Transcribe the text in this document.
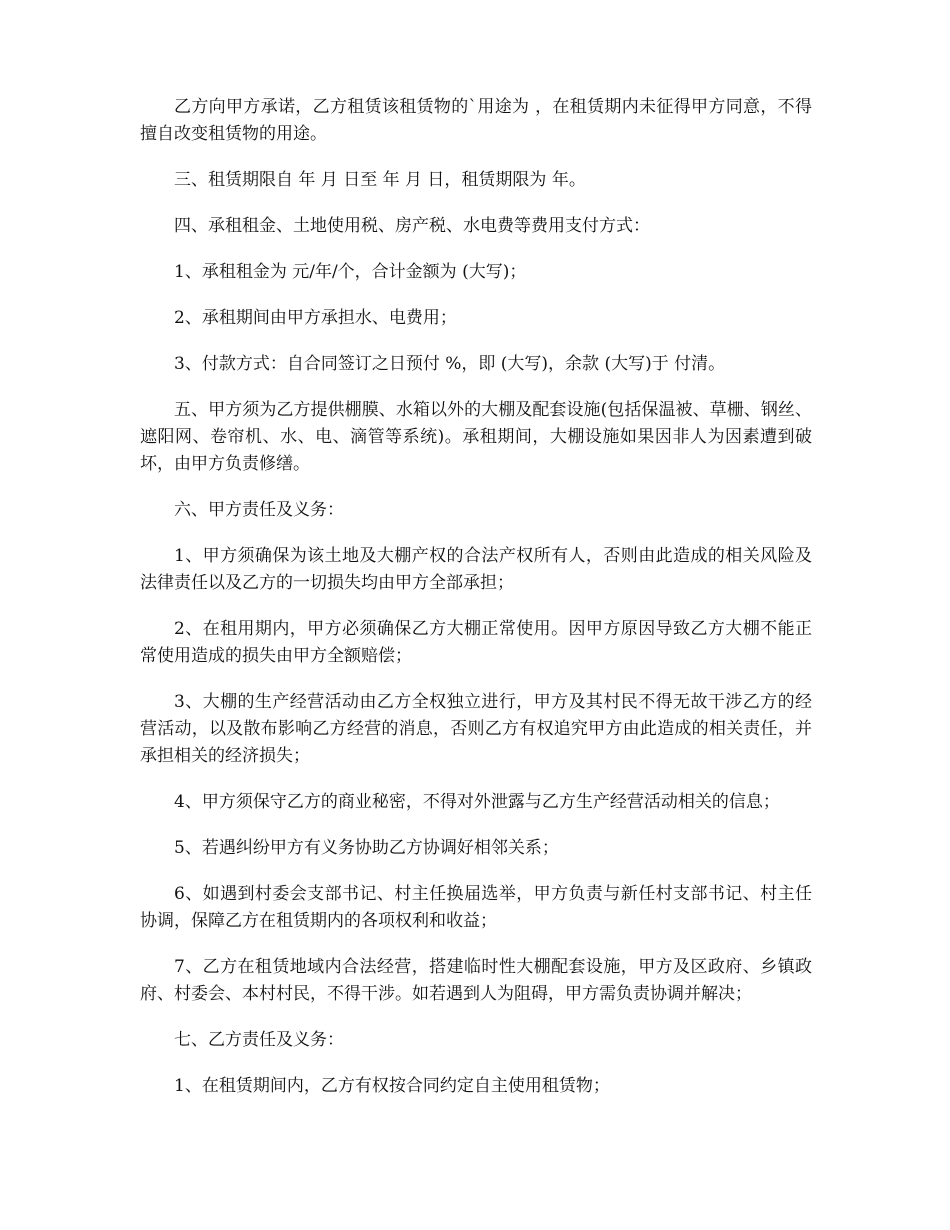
乙方向甲方承诺，乙方租赁该租赁物的`用途为 ，在租赁期内未征得甲方同意，不得擅自改变租赁物的用途。

三、租赁期限自 年 月 日至 年 月 日，租赁期限为 年。

四、承租租金、土地使用税、房产税、水电费等费用支付方式：

1、承租租金为 元/年/个，合计金额为 (大写)；

2、承租期间由甲方承担水、电费用；

3、付款方式：自合同签订之日预付 %，即 (大写)，余款 (大写)于 付清。

五、甲方须为乙方提供棚膜、水箱以外的大棚及配套设施(包括保温被、草栅、钢丝、遮阳网、卷帘机、水、电、滴管等系统)。承租期间，大棚设施如果因非人为因素遭到破坏，由甲方负责修缮。

六、甲方责任及义务：

1、甲方须确保为该土地及大棚产权的合法产权所有人，否则由此造成的相关风险及法律责任以及乙方的一切损失均由甲方全部承担；

2、在租用期内，甲方必须确保乙方大棚正常使用。因甲方原因导致乙方大棚不能正常使用造成的损失由甲方全额赔偿；

3、大棚的生产经营活动由乙方全权独立进行，甲方及其村民不得无故干涉乙方的经营活动，以及散布影响乙方经营的消息，否则乙方有权追究甲方由此造成的相关责任，并承担相关的经济损失；

4、甲方须保守乙方的商业秘密，不得对外泄露与乙方生产经营活动相关的信息；

5、若遇纠纷甲方有义务协助乙方协调好相邻关系；

6、如遇到村委会支部书记、村主任换届选举，甲方负责与新任村支部书记、村主任协调，保障乙方在租赁期内的各项权利和收益；

7、乙方在租赁地域内合法经营，搭建临时性大棚配套设施，甲方及区政府、乡镇政府、村委会、本村村民，不得干涉。如若遇到人为阻碍，甲方需负责协调并解决；

七、乙方责任及义务：

1、在租赁期间内，乙方有权按合同约定自主使用租赁物；
